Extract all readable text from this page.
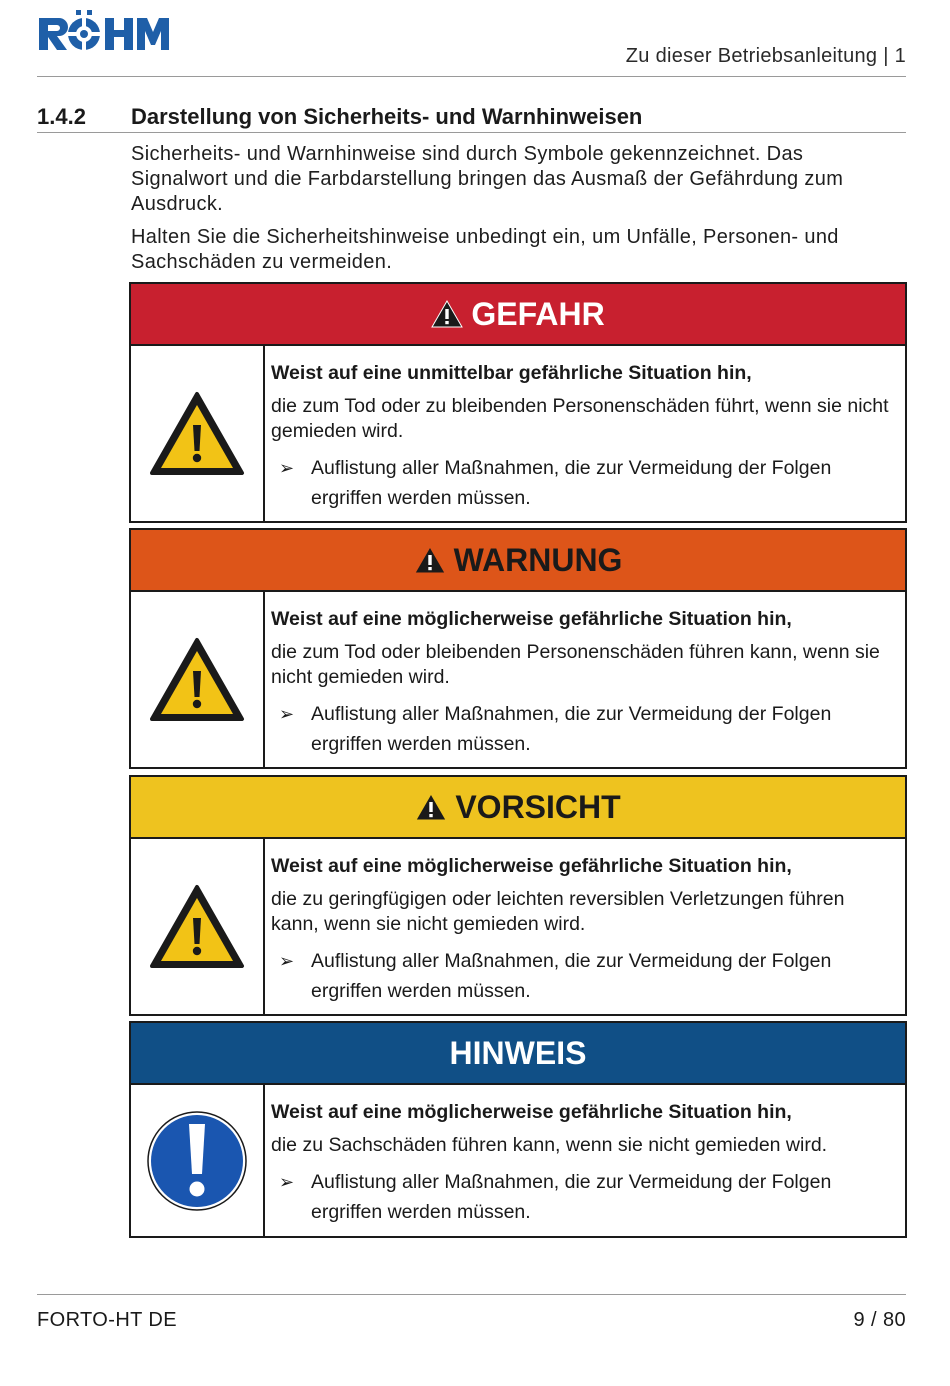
Zu dieser Betriebsanleitung | 1
1.4.2 Darstellung von Sicherheits- und Warnhinweisen
Sicherheits- und Warnhinweise sind durch Symbole gekennzeichnet. Das Signalwort und die Farbdarstellung bringen das Ausmaß der Gefährdung zum Ausdruck.
Halten Sie die Sicherheitshinweise unbedingt ein, um Unfälle, Personen- und Sachschäden zu vermeiden.
GEFAHR
Weist auf eine unmittelbar gefährliche Situation hin,
die zum Tod oder zu bleibenden Personenschäden führt, wenn sie nicht gemieden wird.
➢ Auflistung aller Maßnahmen, die zur Vermeidung der Folgen ergriffen werden müssen.
WARNUNG
Weist auf eine möglicherweise gefährliche Situation hin,
die zum Tod oder bleibenden Personenschäden führen kann, wenn sie nicht gemieden wird.
➢ Auflistung aller Maßnahmen, die zur Vermeidung der Folgen ergriffen werden müssen.
VORSICHT
Weist auf eine möglicherweise gefährliche Situation hin,
die zu geringfügigen oder leichten reversiblen Verletzungen führen kann, wenn sie nicht gemieden wird.
➢ Auflistung aller Maßnahmen, die zur Vermeidung der Folgen ergriffen werden müssen.
HINWEIS
Weist auf eine möglicherweise gefährliche Situation hin,
die zu Sachschäden führen kann, wenn sie nicht gemieden wird.
➢ Auflistung aller Maßnahmen, die zur Vermeidung der Folgen ergriffen werden müssen.
FORTO-HT DE	9 / 80
